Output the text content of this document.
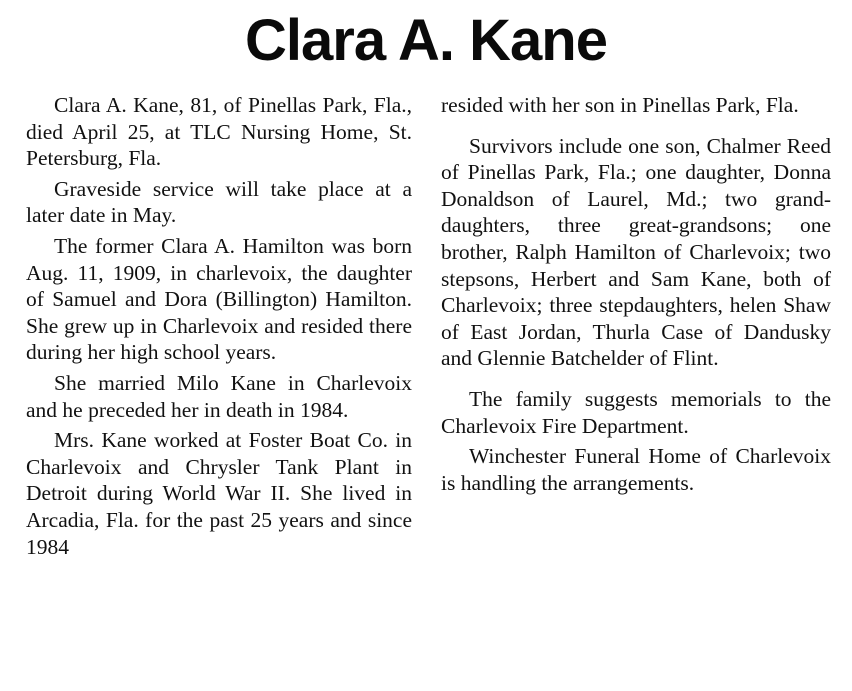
Clara A. Kane

Clara A. Kane, 81, of Pinellas Park, Fla., died April 25, at TLC Nursing Home, St. Petersburg, Fla.

Graveside service will take place at a later date in May.

The former Clara A. Hamilton was born Aug. 11, 1909, in charlevoix, the daughter of Samuel and Dora (Billington) Hamilton. She grew up in Charlevoix and resided there during her high school years.

She married Milo Kane in Charlevoix and he preceded her in death in 1984.

Mrs. Kane worked at Foster Boat Co. in Charlevoix and Chrysler Tank Plant in Detroit during World War II. She lived in Arcadia, Fla. for the past 25 years and since 1984

resided with her son in Pinellas Park, Fla.

Survivors include one son, Chalmer Reed of Pinellas Park, Fla.; one daughter, Donna Donaldson of Laurel, Md.; two granddaughters, three great-grandsons; one brother, Ralph Hamilton of Charlevoix; two stepsons, Herbert and Sam Kane, both of Charlevoix; three stepdaughters, helen Shaw of East Jordan, Thurla Case of Dandusky and Glennie Batchelder of Flint.

The family suggests memorials to the Charlevoix Fire Department.

Winchester Funeral Home of Charlevoix is handling the arrangements.
